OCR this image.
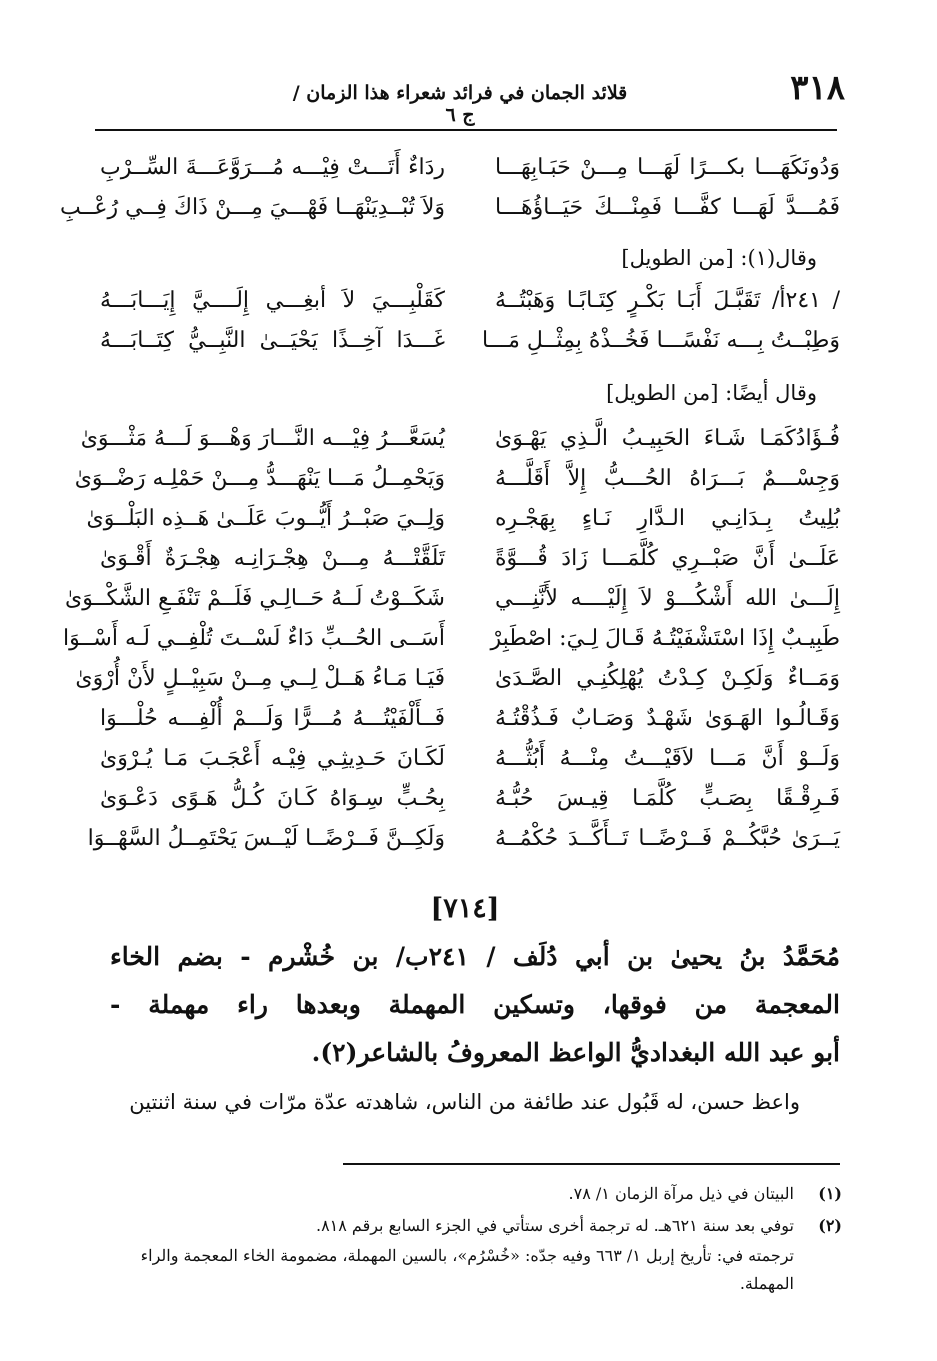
٣١٨
قلائد الجمان في فرائد شعراء هذا الزمان / ج ٦
وَدُونَكَهَـــا بكـــرًا لَهَـــا مِـــنْ حَبَـابِهَـــا
ردَاءٌ أَتَـــتْ فِيْـــه مُـــرَوَّعَـــةَ السِّــرْبِ
فَمُـــدَّ لَهَـــا كفَّـــا فَمِنْـــكَ حَيَــاؤُهَـــا
وَلاَ تُبْــدِيَنْهَــا فَهْـــيَ مِـــنْ ذَاكَ فِــي رُعْــبِ
وقال(١): [من الطويل]
/ ٢٤١أ/ تَقَبَّـلَ أَبَـا بَكْـرٍ كِتَـابًـا وَهَبْتُــهُ
كَقَلْبِـــيَ لاَ أبغِـــي إِلَــــيَّ إِيَـــابَـــهُ
وَطِبْــتُ بِـــه نَفْسًـــا فَخُــذْهُ بِمِثْــلِ مَـــا
غَـــدَا آخِــذًا يَحْيَــىٰ النَّبِــيُّ كِتَــابَـــهُ
وقال أيضًا: [من الطويل]
فُـؤَادُكَمَـا شَـاءَ الحَبِيـبُ الَّـذِي يَهْـوَىٰ
يُسَعَّـــرُ فِيْـــه النَّـــارَ وَهْـــوَ لَـــهُ مَثْـــوَىٰ
وَجِسْـــمٌ بَـــرَاهُ الحُـــبُّ إِلاَّ أَقَلَّـــهُ
وَيَحْمِــلُ مَـــا يَنْهَـــدُّ مِـــنْ حَمْلِـه رَضْــوَىٰ
بُلِيتُ بِـدَانِـي الـدَّارِ نَـاءٍ بِهَجْـرِه
وَلِــيَ صَبْــرُ أَيُّــوبَ عَلَــىٰ هَــذِه البَلْــوَىٰ
عَلَــىٰ أَنَّ صَبْــرِي كُلَّمَـــا زَادَ قُـــوَّةً
تَلَقَّتْـــهُ مِـــنْ هِجْـرَانِـه هِجْـرَةٌ أَقْـوَىٰ
إِلَـــىٰ الله أَشْكُـــوْ لاَ إِلَيْــــه لأَنَّنِـــي
شَكَــوْتُ لَــهُ حَــالِـي فَلَــمْ تَنْفَـعِ الشَّكْــوَىٰ
طَبِيـبٌ إِذَا اسْتَشْفَيْتُـهُ قَـالَ لِـيَ: اصْطَبِرْ
أَسَــى الحُــبِّ دَاءٌ لَسْــتَ تُلْفِــي لَـه أَسْــوَا
وَمَــاءٌ وَلَكِـنْ كِـدْتُ يُهْلِكُنِـي الصَّـدَىٰ
فَيَـا مَـاءُ هَــلْ لِــي مِــنْ سَبِيْــلٍ لأَنْ أُرْوَىٰ
وَقَـالُـوا الهَـوَىٰ شَهْـدٌ وَصَـابٌ فَـذُقْتُـهُ
فَــأَلْفَيْتُـــهُ مُـــرًّا وَلَـــمْ أُلْفِـــه حُلْـــوَا
وَلَــوْ أَنَّ مَـــا لاَقَيْـــتُ مِنْـــهُ أَبُثُّـــهُ
لَكَـانَ حَـدِيثِـي فِيْـه أَعْجَـبَ مَـا يُـرْوَىٰ
فَـرِقْـقًا بِصَـبٍّ كُلَّمَـا قِيـسَ حُبُّـهُ
بِحُـبٍّ سِـوَاهُ كَـانَ كُـلُّ هَـوًى دَعْـوَىٰ
يَــرَىٰ حُبَّكُــمْ فَــرْضًــا تَــأَكَّــدَ حُكْمُــهُ
وَلَكِــنَّ فَــرْضًــا لَيْــسَ يَحْتَمِــلُ السَّهْــوَا
[٧١٤]
مُحَمَّدُ بنُ يحيىٰ بن أبي دُلَف / ٢٤١ب/ بن خُشْرم - بضم الخاء
المعجمة من فوقها، وتسكين المهملة وبعدها راء مهملة -
أبو عبد الله البغداديُّ الواعظ المعروفُ بالشاعر(٢).
واعظ حسن، له قَبُول عند طائفة من الناس، شاهدته عدّة مرّات في سنة اثنتين
(١)
البيتان في ذيل مرآة الزمان ١/ ٧٨.
(٢)
توفي بعد سنة ٦٢١هـ. له ترجمة أخرى ستأتي في الجزء السابع برقم ٨١٨.
ترجمته في: تأريخ إربل ١/ ٦٦٣ وفيه جدّه: «خُسْرُم»، بالسين المهملة، مضمومة الخاء المعجمة والراء
المهملة.
